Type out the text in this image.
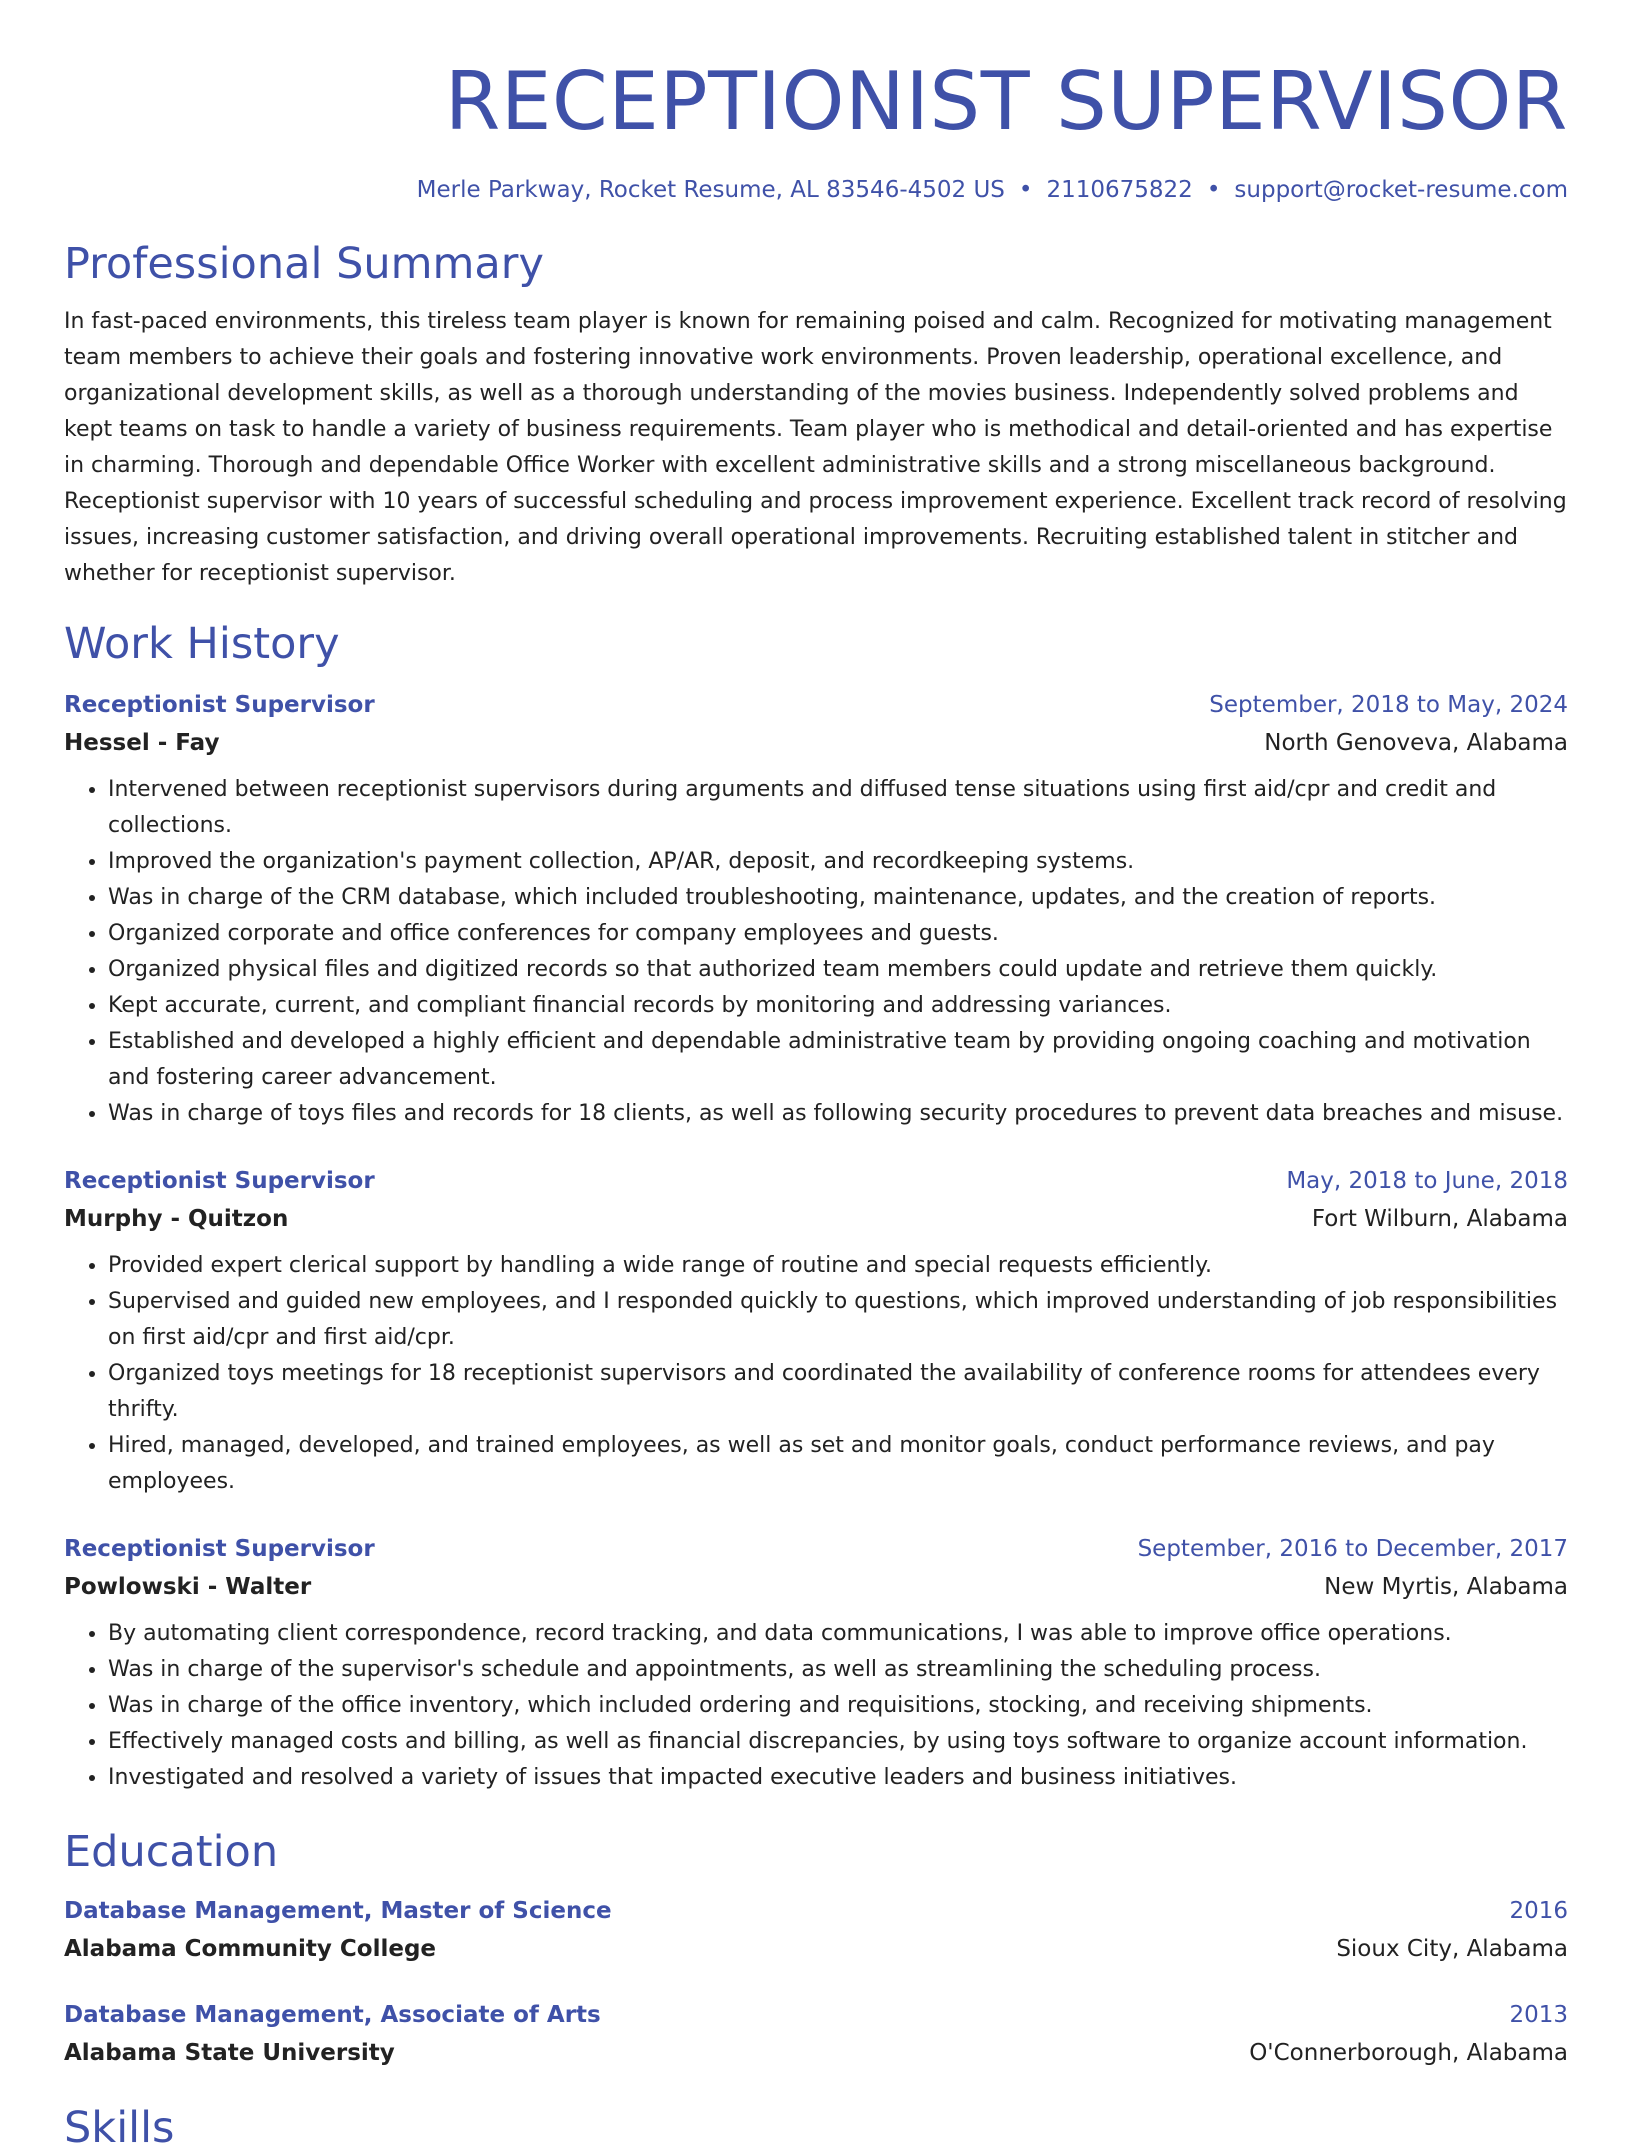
RECEPTIONIST SUPERVISOR
Merle Parkway, Rocket Resume, AL 83546-4502 US • 2110675822 • support@rocket-resume.com
Professional Summary
In fast-paced environments, this tireless team player is known for remaining poised and calm. Recognized for motivating management team members to achieve their goals and fostering innovative work environments. Proven leadership, operational excellence, and organizational development skills, as well as a thorough understanding of the movies business. Independently solved problems and kept teams on task to handle a variety of business requirements. Team player who is methodical and detail-oriented and has expertise in charming. Thorough and dependable Office Worker with excellent administrative skills and a strong miscellaneous background. Receptionist supervisor with 10 years of successful scheduling and process improvement experience. Excellent track record of resolving issues, increasing customer satisfaction, and driving overall operational improvements. Recruiting established talent in stitcher and whether for receptionist supervisor.
Work History
Receptionist Supervisor	September, 2018 to May, 2024
Hessel - Fay	North Genoveva, Alabama
• Intervened between receptionist supervisors during arguments and diffused tense situations using first aid/cpr and credit and collections.
• Improved the organization's payment collection, AP/AR, deposit, and recordkeeping systems.
• Was in charge of the CRM database, which included troubleshooting, maintenance, updates, and the creation of reports.
• Organized corporate and office conferences for company employees and guests.
• Organized physical files and digitized records so that authorized team members could update and retrieve them quickly.
• Kept accurate, current, and compliant financial records by monitoring and addressing variances.
• Established and developed a highly efficient and dependable administrative team by providing ongoing coaching and motivation and fostering career advancement.
• Was in charge of toys files and records for 18 clients, as well as following security procedures to prevent data breaches and misuse.
Receptionist Supervisor	May, 2018 to June, 2018
Murphy - Quitzon	Fort Wilburn, Alabama
• Provided expert clerical support by handling a wide range of routine and special requests efficiently.
• Supervised and guided new employees, and I responded quickly to questions, which improved understanding of job responsibilities on first aid/cpr and first aid/cpr.
• Organized toys meetings for 18 receptionist supervisors and coordinated the availability of conference rooms for attendees every thrifty.
• Hired, managed, developed, and trained employees, as well as set and monitor goals, conduct performance reviews, and pay employees.
Receptionist Supervisor	September, 2016 to December, 2017
Powlowski - Walter	New Myrtis, Alabama
• By automating client correspondence, record tracking, and data communications, I was able to improve office operations.
• Was in charge of the supervisor's schedule and appointments, as well as streamlining the scheduling process.
• Was in charge of the office inventory, which included ordering and requisitions, stocking, and receiving shipments.
• Effectively managed costs and billing, as well as financial discrepancies, by using toys software to organize account information.
• Investigated and resolved a variety of issues that impacted executive leaders and business initiatives.
Education
Database Management, Master of Science	2016
Alabama Community College	Sioux City, Alabama
Database Management, Associate of Arts	2013
Alabama State University	O'Connerborough, Alabama
Skills
